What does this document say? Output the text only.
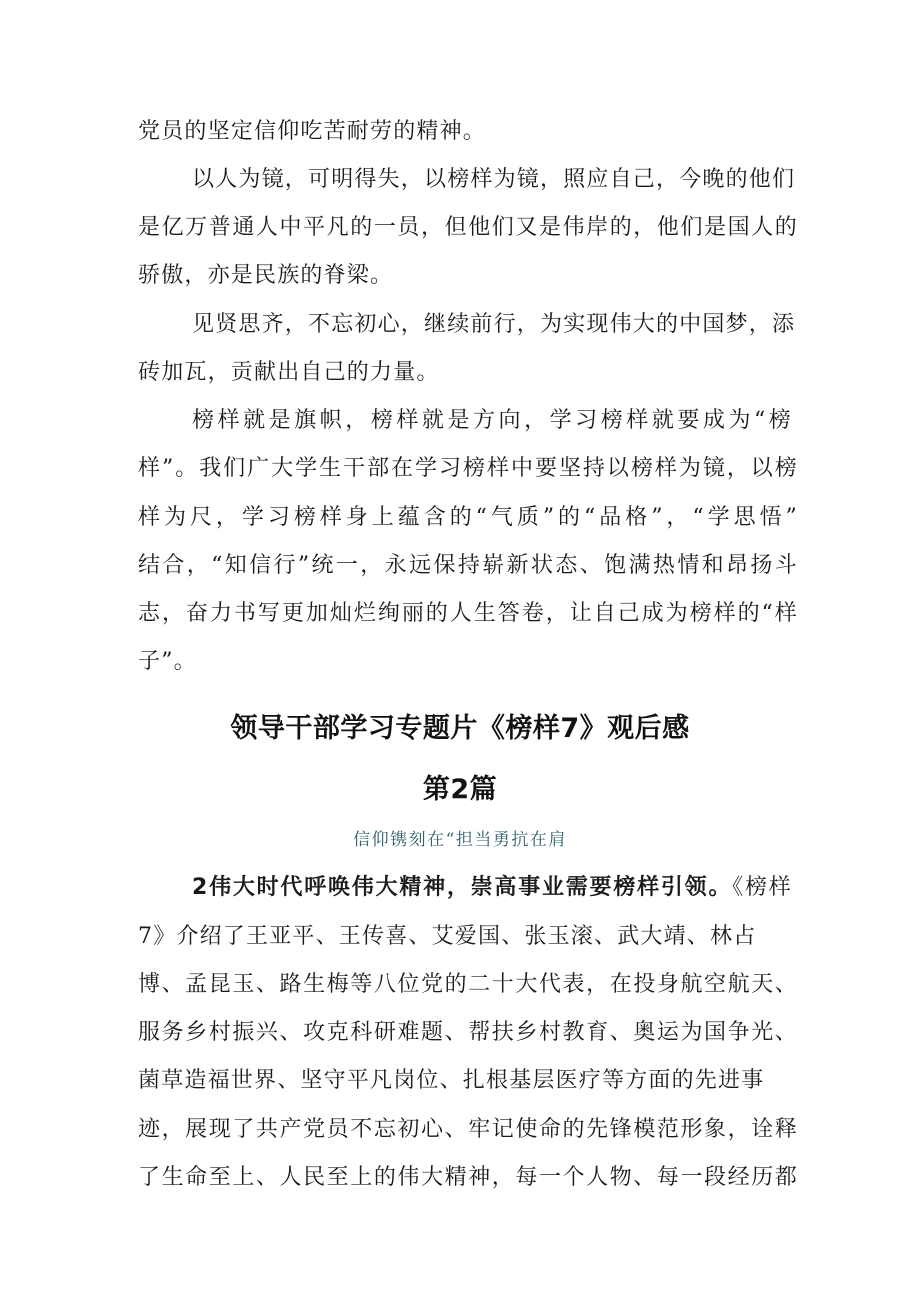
党员的坚定信仰吃苦耐劳的精神。
以人为镜，可明得失，以榜样为镜，照应自己，今晚的他们
是亿万普通人中平凡的一员，但他们又是伟岸的，他们是国人的
骄傲，亦是民族的脊梁。
见贤思齐，不忘初心，继续前行，为实现伟大的中国梦，添
砖加瓦，贡献出自己的力量。
榜样就是旗帜，榜样就是方向，学习榜样就要成为“榜
样”。我们广大学生干部在学习榜样中要坚持以榜样为镜，以榜
样为尺，学习榜样身上蕴含的“气质”的“品格”，“学思悟”
结合，“知信行”统一，永远保持崭新状态、饱满热情和昂扬斗
志，奋力书写更加灿烂绚丽的人生答卷，让自己成为榜样的“样
子”。
领导干部学习专题片《榜样7》观后感
第2篇
信仰镌刻在“担当勇抗在肩
2伟大时代呼唤伟大精神，崇高事业需要榜样引领。《榜样
7》介绍了王亚平、王传喜、艾爱国、张玉滚、武大靖、林占
博、孟昆玉、路生梅等八位党的二十大代表，在投身航空航天、
服务乡村振兴、攻克科研难题、帮扶乡村教育、奥运为国争光、
菌草造福世界、坚守平凡岗位、扎根基层医疗等方面的先进事
迹，展现了共产党员不忘初心、牢记使命的先锋模范形象，诠释
了生命至上、人民至上的伟大精神，每一个人物、每一段经历都
